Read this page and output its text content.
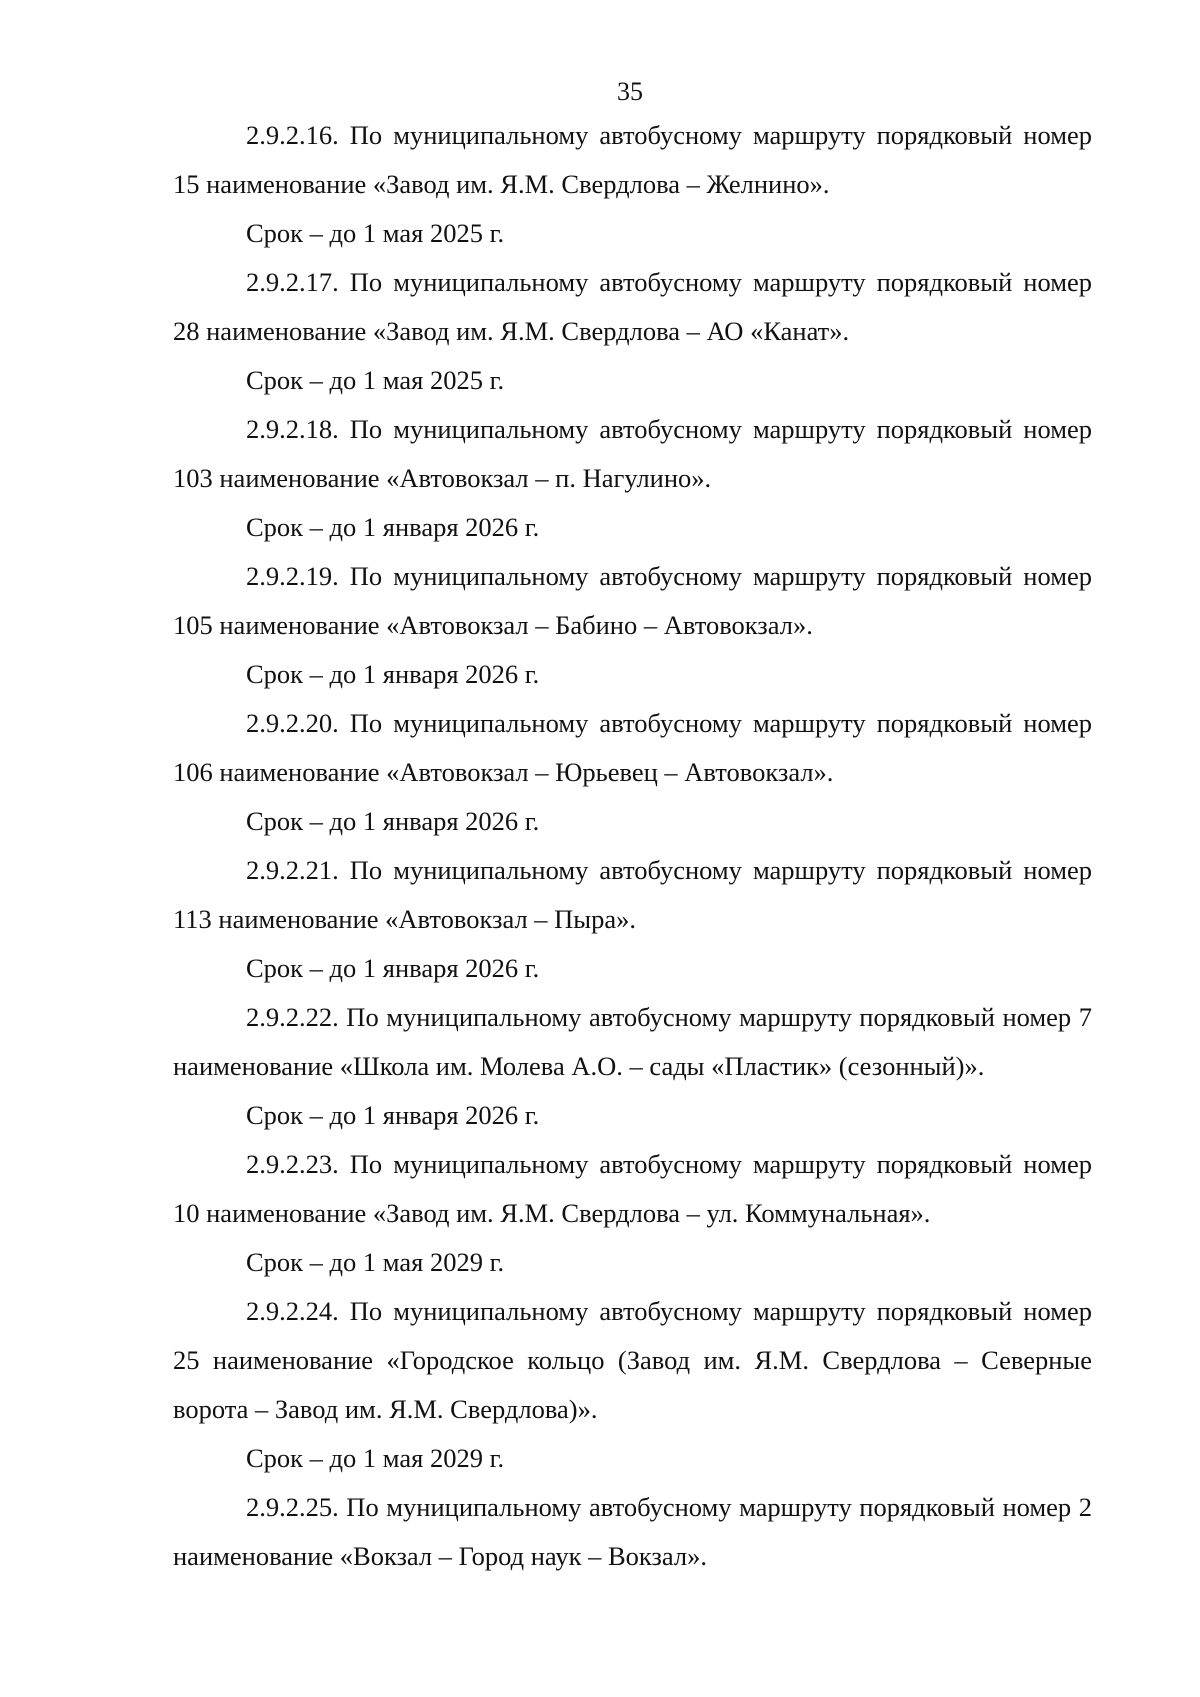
35

2.9.2.16. По муниципальному автобусному маршруту порядковый номер 15 наименование «Завод им. Я.М. Свердлова – Желнино».

Срок – до 1 мая 2025 г.

2.9.2.17. По муниципальному автобусному маршруту порядковый номер 28 наименование «Завод им. Я.М. Свердлова – АО «Канат».

Срок – до 1 мая 2025 г.

2.9.2.18. По муниципальному автобусному маршруту порядковый номер 103 наименование «Автовокзал – п. Нагулино».

Срок – до 1 января 2026 г.

2.9.2.19. По муниципальному автобусному маршруту порядковый номер 105 наименование «Автовокзал – Бабино – Автовокзал».

Срок – до 1 января 2026 г.

2.9.2.20. По муниципальному автобусному маршруту порядковый номер 106 наименование «Автовокзал – Юрьевец – Автовокзал».

Срок – до 1 января 2026 г.

2.9.2.21. По муниципальному автобусному маршруту порядковый номер 113 наименование «Автовокзал – Пыра».

Срок – до 1 января 2026 г.

2.9.2.22. По муниципальному автобусному маршруту порядковый номер 7 наименование «Школа им. Молева А.О. – сады «Пластик» (сезонный)».

Срок – до 1 января 2026 г.

2.9.2.23. По муниципальному автобусному маршруту порядковый номер 10 наименование «Завод им. Я.М. Свердлова – ул. Коммунальная».

Срок – до 1 мая 2029 г.

2.9.2.24. По муниципальному автобусному маршруту порядковый номер 25 наименование «Городское кольцо (Завод им. Я.М. Свердлова – Северные ворота – Завод им. Я.М. Свердлова)».

Срок – до 1 мая 2029 г.

2.9.2.25. По муниципальному автобусному маршруту порядковый номер 2 наименование «Вокзал – Город наук – Вокзал».
